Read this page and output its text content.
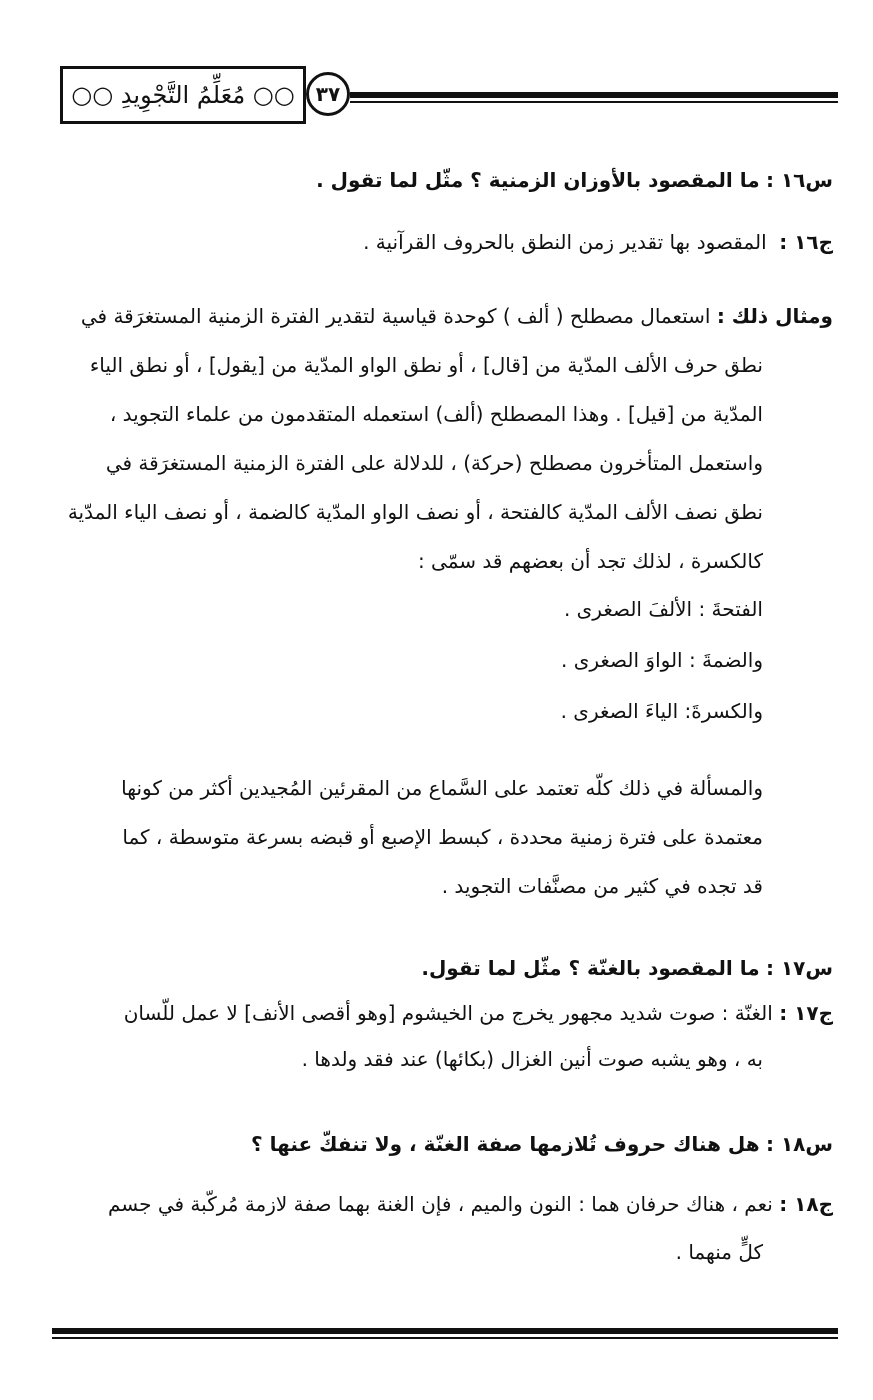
○○ مُعَلِّمُ التَّجْوِيدِ ○○ ٣٧
س١٦ : ما المقصود بالأوزان الزمنية ؟ مثّل لما تقول .
ج١٦ : المقصود بها تقدير زمن النطق بالحروف القرآنية .

ومثال ذلك : استعمال مصطلح ( ألف ) كوحدة قياسية لتقدير الفترة الزمنية المستغرَقة في

نطق حرف الألف المدّية من [قال] ، أو نطق الواو المدّية من [يقول] ، أو نطق الياء

المدّية من [قيل] . وهذا المصطلح (ألف) استعمله المتقدمون من علماء التجويد ،

واستعمل المتأخرون مصطلح (حركة) ، للدلالة على الفترة الزمنية المستغرَقة في

نطق نصف الألف المدّية كالفتحة ، أو نصف الواو المدّية كالضمة ، أو نصف الياء المدّية

كالكسرة ، لذلك تجد أن بعضهم قد سمّى :

الفتحةَ : الألفَ الصغرى .

والضمةَ : الواوَ الصغرى .

والكسرةَ: الياءَ الصغرى .

والمسألة في ذلك كلّه تعتمد على السَّماع من المقرئين المُجيدين أكثر من كونها

معتمدة على فترة زمنية محددة ، كبسط الإصبع أو قبضه بسرعة متوسطة ، كما

قد تجده في كثير من مصنَّفات التجويد .

س١٧ : ما المقصود بالغنّة ؟ مثّل لما تقول.

ج١٧ : الغنّة : صوت شديد مجهور يخرج من الخيشوم [وهو أقصى الأنف] لا عمل للّسان

به ، وهو يشبه صوت أنين الغزال (بكائها) عند فقد ولدها .

س١٨ : هل هناك حروف تُلازمها صفة الغنّة ، ولا تنفكّ عنها ؟

ج١٨ : نعم ، هناك حرفان هما : النون والميم ، فإن الغنة بهما صفة لازمة مُركّبة في جسم

كلٍّ منهما .
